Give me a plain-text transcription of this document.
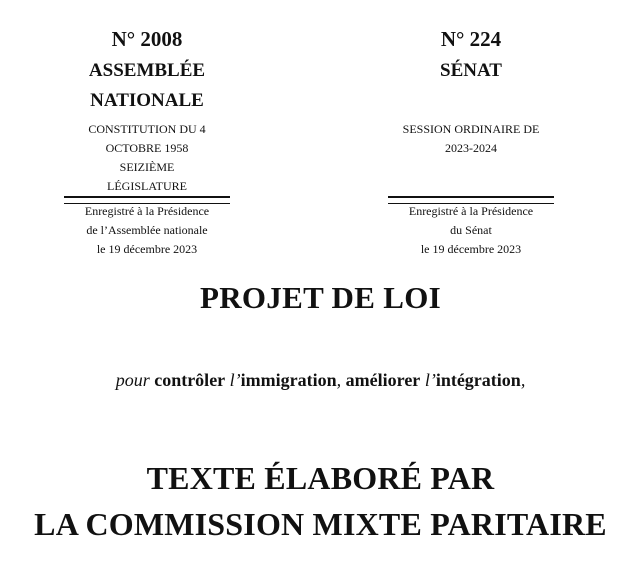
N° 2008

ASSEMBLÉE
NATIONALE

CONSTITUTION DU 4
OCTOBRE 1958
SEIZIÈME
LÉGISLATURE

Enregistré à la Présidence
de l’Assemblée nationale
le 19 décembre 2023

N° 224

SÉNAT

SESSION ORDINAIRE DE
2023-2024

Enregistré à la Présidence
du Sénat
le 19 décembre 2023
PROJET DE LOI
pour contrôler l’immigration, améliorer l’intégration,
TEXTE ÉLABORÉ PAR
LA COMMISSION MIXTE PARITAIRE
